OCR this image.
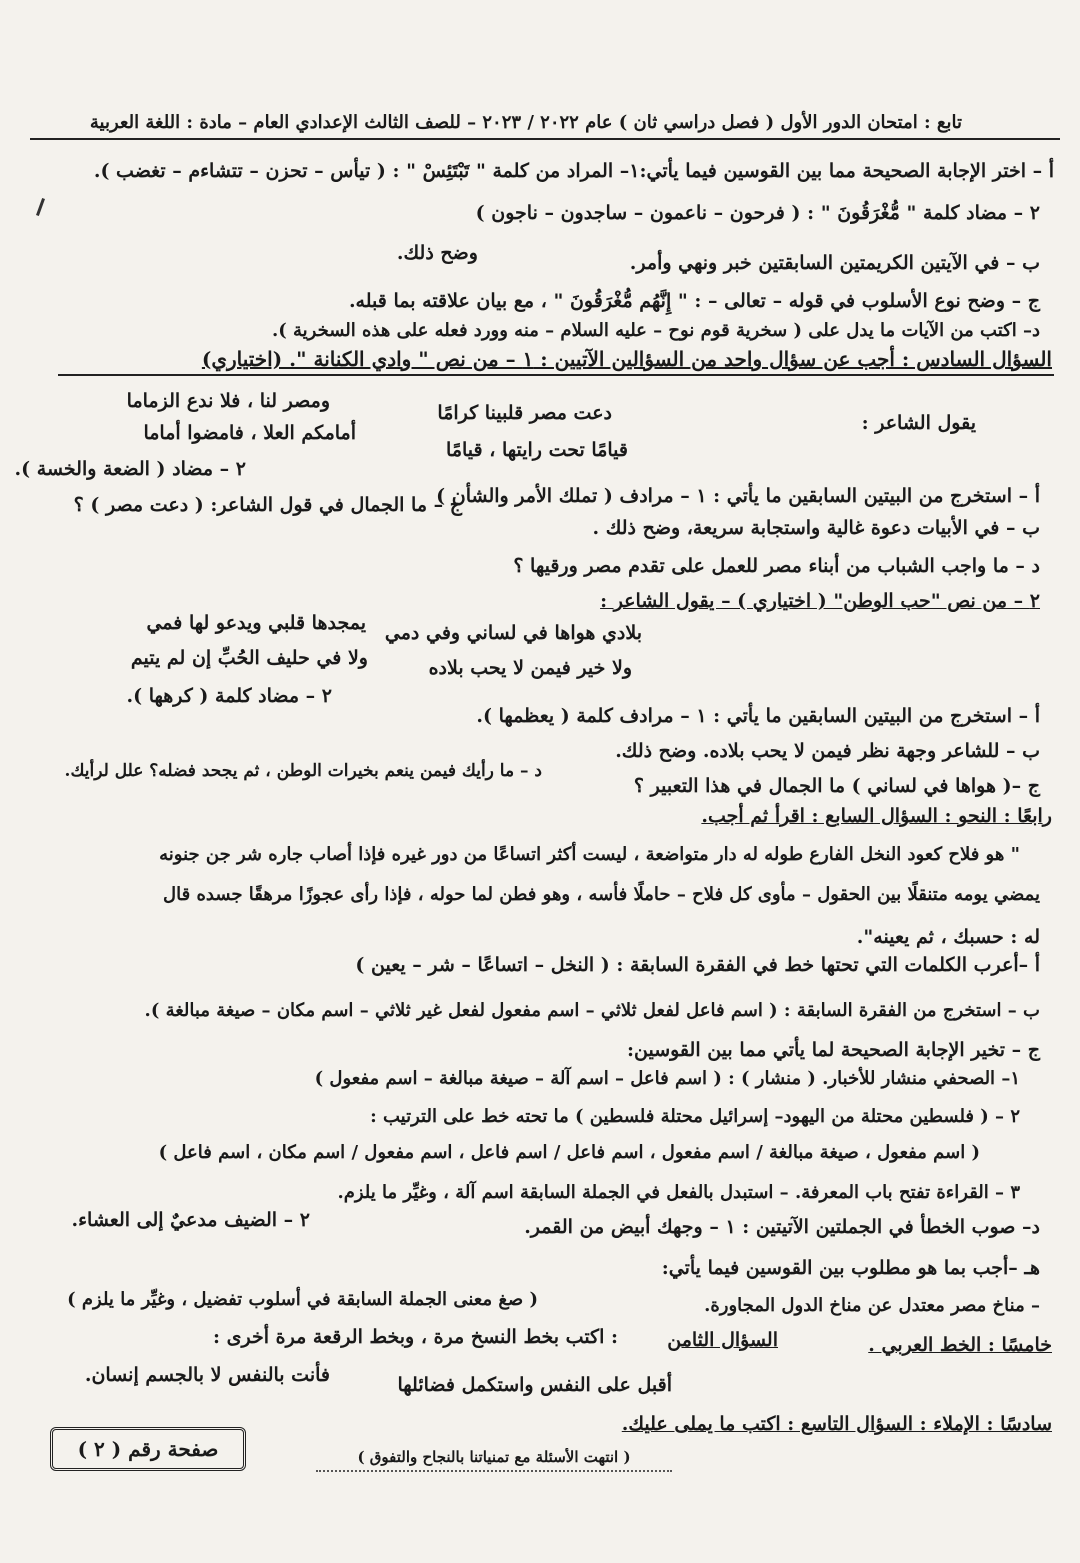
تابع : امتحان الدور الأول ( فصل دراسي ثان ) عام ٢٠٢٢ / ٢٠٢٣ – للصف الثالث الإعدادي العام – مادة : اللغة العربية
أ – اختر الإجابة الصحيحة مما بين القوسين فيما يأتي:١– المراد من كلمة " تَبْتَئِسْ " : ( تيأس – تحزن – تتشاءم – تغضب ).
٢ – مضاد كلمة " مُّغْرَقُونَ " : ( فرحون – ناعمون – ساجدون – ناجون )
ب – في الآيتين الكريمتين السابقتين خبر ونهي وأمر.
وضح ذلك.
ج – وضح نوع الأسلوب في قوله – تعالى – : " إِنَّهُم مُّغْرَقُونَ " ، مع بيان علاقته بما قبله.
د– اكتب من الآيات ما يدل على ( سخرية قوم نوح – عليه السلام – منه وورد فعله على هذه السخرية ).
السؤال السادس : أجب عن سؤال واحد من السؤالين الآتيين : ١ – من نص " وادي الكنانة ". (اختياري)
يقول الشاعر :
دعت مصر قلبينا كرامًا
ومصر لنا ، فلا ندع الزماما
قيامًا تحت رايتها ، قيامًا
أمامكم العلا ، فامضوا أماما
أ – استخرج من البيتين السابقين ما يأتي : ١ – مرادف ( تملك الأمر والشأن )
٢ – مضاد ( الضعة والخسة ).
ج – ما الجمال في قول الشاعر: ( دعت مصر ) ؟
ب – في الأبيات دعوة غالية واستجابة سريعة، وضح ذلك .
د – ما واجب الشباب من أبناء مصر للعمل على تقدم مصر ورقيها ؟
٢ – من نص "حب الوطن" ( اختياري ) – يقول الشاعر :
بلادي هواها في لساني وفي دمي
يمجدها قلبي ويدعو لها فمي
ولا خير فيمن لا يحب بلاده
ولا في حليف الحُبِّ إن لم يتيم
أ – استخرج من البيتين السابقين ما يأتي : ١ – مرادف كلمة ( يعظمها ).
٢ – مضاد كلمة ( كرهها ).
ب – للشاعر وجهة نظر فيمن لا يحب بلاده. وضح ذلك.
د – ما رأيك فيمن ينعم بخيرات الوطن ، ثم يجحد فضله؟ علل لرأيك.
ج –( هواها في لساني ) ما الجمال في هذا التعبير ؟
رابعًا : النحو : السؤال السابع : اقرأ ثم أجب.
" هو فلاح كعود النخل الفارع طوله له دار متواضعة ، ليست أكثر اتساعًا من دور غيره فإذا أصاب جاره شر جن جنونه
يمضي يومه متنقلًا بين الحقول – مأوى كل فلاح – حاملًا فأسه ، وهو فطن لما حوله ، فإذا رأى عجوزًا مرهقًا جسده قال
له : حسبك ، ثم يعينه".
أ –أعرب الكلمات التي تحتها خط في الفقرة السابقة : ( النخل – اتساعًا – شر – يعين )
ب – استخرج من الفقرة السابقة : ( اسم فاعل لفعل ثلاثي – اسم مفعول لفعل غير ثلاثي – اسم مكان – صيغة مبالغة ).
ج – تخير الإجابة الصحيحة لما يأتي مما بين القوسين:
١– الصحفي منشار للأخبار. ( منشار ) : ( اسم فاعل – اسم آلة – صيغة مبالغة – اسم مفعول )
٢ – ( فلسطين محتلة من اليهود– إسرائيل محتلة فلسطين ) ما تحته خط على الترتيب :
( اسم مفعول ، صيغة مبالغة / اسم مفعول ، اسم فاعل / اسم فاعل ، اسم مفعول / اسم مكان ، اسم فاعل )
٣ – القراءة تفتح باب المعرفة. – استبدل بالفعل في الجملة السابقة اسم آلة ، وغيِّر ما يلزم.
د– صوب الخطأ في الجملتين الآتيتين : ١ – وجهك أبيض من القمر.
٢ – الضيف مدعيٌ إلى العشاء.
هـ –أجب بما هو مطلوب بين القوسين فيما يأتي:
– مناخ مصر معتدل عن مناخ الدول المجاورة.
( صغ معنى الجملة السابقة في أسلوب تفضيل ، وغيِّر ما يلزم )
خامسًا : الخط العربي .
السؤال الثامن
: اكتب بخط النسخ مرة ، وبخط الرقعة مرة أخرى :
أقبل على النفس واستكمل فضائلها
فأنت بالنفس لا بالجسم إنسان.
سادسًا : الإملاء : السؤال التاسع : اكتب ما يملى عليك.
صفحة رقم ( ٢ )	( انتهت الأسئلة مع تمنياتنا بالنجاح والتفوق )
